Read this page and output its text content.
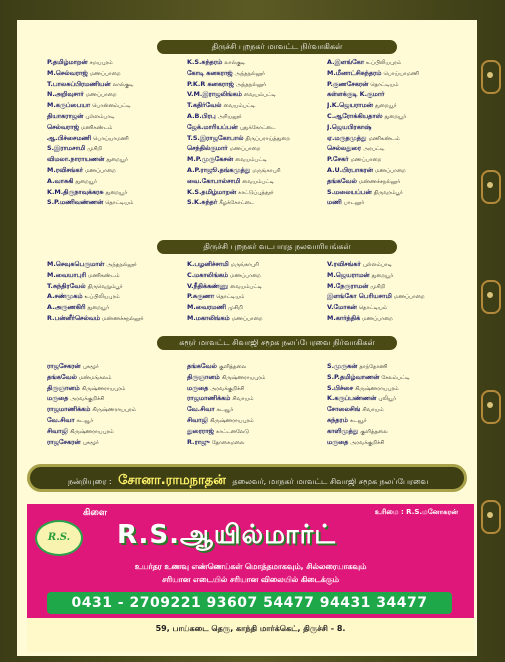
திருச்சி புறநகர் மாவட்ட நிர்வாகிகள்
P.தமிழ்மாறன் சமயபுரம்
M.செல்வராஜ் மணப்பாறை
T.பாலசுப்பிரமணியன் லால்குடி
N.அறிவுசார் மணப்பாறை
M.கருப்பையா பொன்னம்பட்டி
தியாகராஜன் புள்ளம்பாடி
செல்வராஜ் மணிகண்டம்
ஆ.பிச்சைமணி பொய்யாமணி
S.இராமசாமி முசிறி
விமலா.நாராயணன் துறையூர்
M.ரவிசங்கர் மணப்பாறை
A.வாசுகி துறையூர்
K.M.திருநாவுக்கரசு துறையூர்
S.P.மணிவண்ணன் தொட்டியம்
K.S.சுந்தரம் லால்குடி
கோடி கனகராஜ் அந்தநல்லூர்
P.K.R கனகராஜ் அந்தநல்லூர்
V.M.இராஜலிங்கம் வையம்பட்டி
T.கதிர்வேல் வையம்பட்டி
A.B.பிரபு அரியலூர்
ஜேக்.மாரியப்பன் புதுக்கோட்டை
T.S.இராஜகோபால் திருப்பராய்த்துறை
செந்தில்குமார் மணப்பாறை
M.P.முருகேசன் வையம்பட்டி
A.P.ராஜூ.தங்கமுத்து மருங்காபுரி
வை.கோபால்சாமி வையம்பட்டி
K.S.தமிழ்மாறன் காட்டுப்புத்தூர்
S.K.சுந்தர் கீழக்கோட்டை
A.இளங்கோ உப்பிலியபுரம்
M.மீனாட்சிசுந்தரம் பொய்யாமணி
P.குணசேகரன் தொட்டியம்
கள்ளக்குடி K.குமார்
J.K.ஜெயராமன் துறையூர்
C.ஆரோக்கியதாஸ் துறையூர்
J.ஜெயபிரகாஷ்
ஏ.மருதமுத்து மணிகண்டம்
செல்லதுரை அரபட்டி
P.சேகர் மணப்பாறை
A.U.பிரபாகரன் மணப்பாறை
தங்கவேல் மண்ணச்சநல்லூர்
S.மலையப்பன் திருவரம்பூர்
மணி பாடலூர்
திருச்சி புறநகர் வடபாரத நலவாரியங்கள்
M.செவுகபெருமாள் அந்தநல்லூர்
M.வையாபுரி மணிகண்டம்
T.சுந்திரவேல் திருவெறும்பூர்
A.சண்முகம் உப்பிலியபுரம்
A.அருணகிரி துறையூர்
R.பன்னீர்செல்வம் மண்ணச்சநல்லூர்
K.பழனிச்சாமி மருங்காபுரி
C.மகாலிங்கம் மணப்பாறை
V.நீதிக்கண்ணு வையம்பட்டி
P.சுகுணா தொட்டியம்
M.வைரமணி முசிறி
M.மகாலிங்கம் மணப்பாறை
V.ரவிசங்கர் புள்ளம்பாடி
M.ஜெயராமன் துறையூர்
M.நேருராமன் முசிறி
இளங்கோ பெரியசாமி மணப்பாறை
V.மோகன் தொட்டியம்
M.கார்த்திக் மணப்பாறை
கரூர் மாவட்ட சிவாஜி சமூக நலப்பேரவை நிர்வாகிகள்
ராஜசேகரன் புகழூர்
தங்கவேல் மண்மங்கலம்
திருஞானம் கிருஷ்ணராயபுரம்
மருதை அரவக்குறிச்சி
ராஜமாணிக்கம் கிருஷ்ணராயபுரம்
வே.சிவா கடவூர்
சிவாஜி கிருஷ்ணராயபுரம்
ராஜசேகரன் புகழூர்
தங்கவேல் குளித்தலை
திருஞானம் கிருஷ்ணராயபுரம்
மருதை அரவக்குறிச்சி
ராஜமாணிக்கம் சிவாயம்
வே.சிவா கடவூர்
சிவாஜி கிருஷ்ணராயபுரம்
துரைராஜ் காட்டனலேடு
R.ராஜு தோகைமலை
S.முருகன் தாந்தோணி
S.P.தமிழ்வாணன் சேலம்பட்டி
S.பிச்சை கிருஷ்ணராயபுரம்
K.கருப்பண்ணன் புலியூர்
சோலைசிங் சிவாயம்
சுந்தரம் கடவூர்
காளிமுத்து குளித்தலை
மருதை அரவக்குறிச்சி
நன்றியுரை : சோனா.ராமநாதன் தலைவர், மாநகர் மாவட்ட சிவாஜி சமூக நலப்பேரவை
கிளை	உரிமை : R.S.மனோகரன்
R.S.	R.S.ஆயில்மார்ட்
உயர்தர உணவு எண்ணெய்கள் மொத்தமாகவும், சில்லரையாகவும்
சரியான எடையில் சரியான விலையில் கிடைக்கும்
0431 - 2709221 93607 54477 94431 34477
59, பாய்கடை தெரு, காந்தி மார்க்கெட், திருச்சி - 8.
